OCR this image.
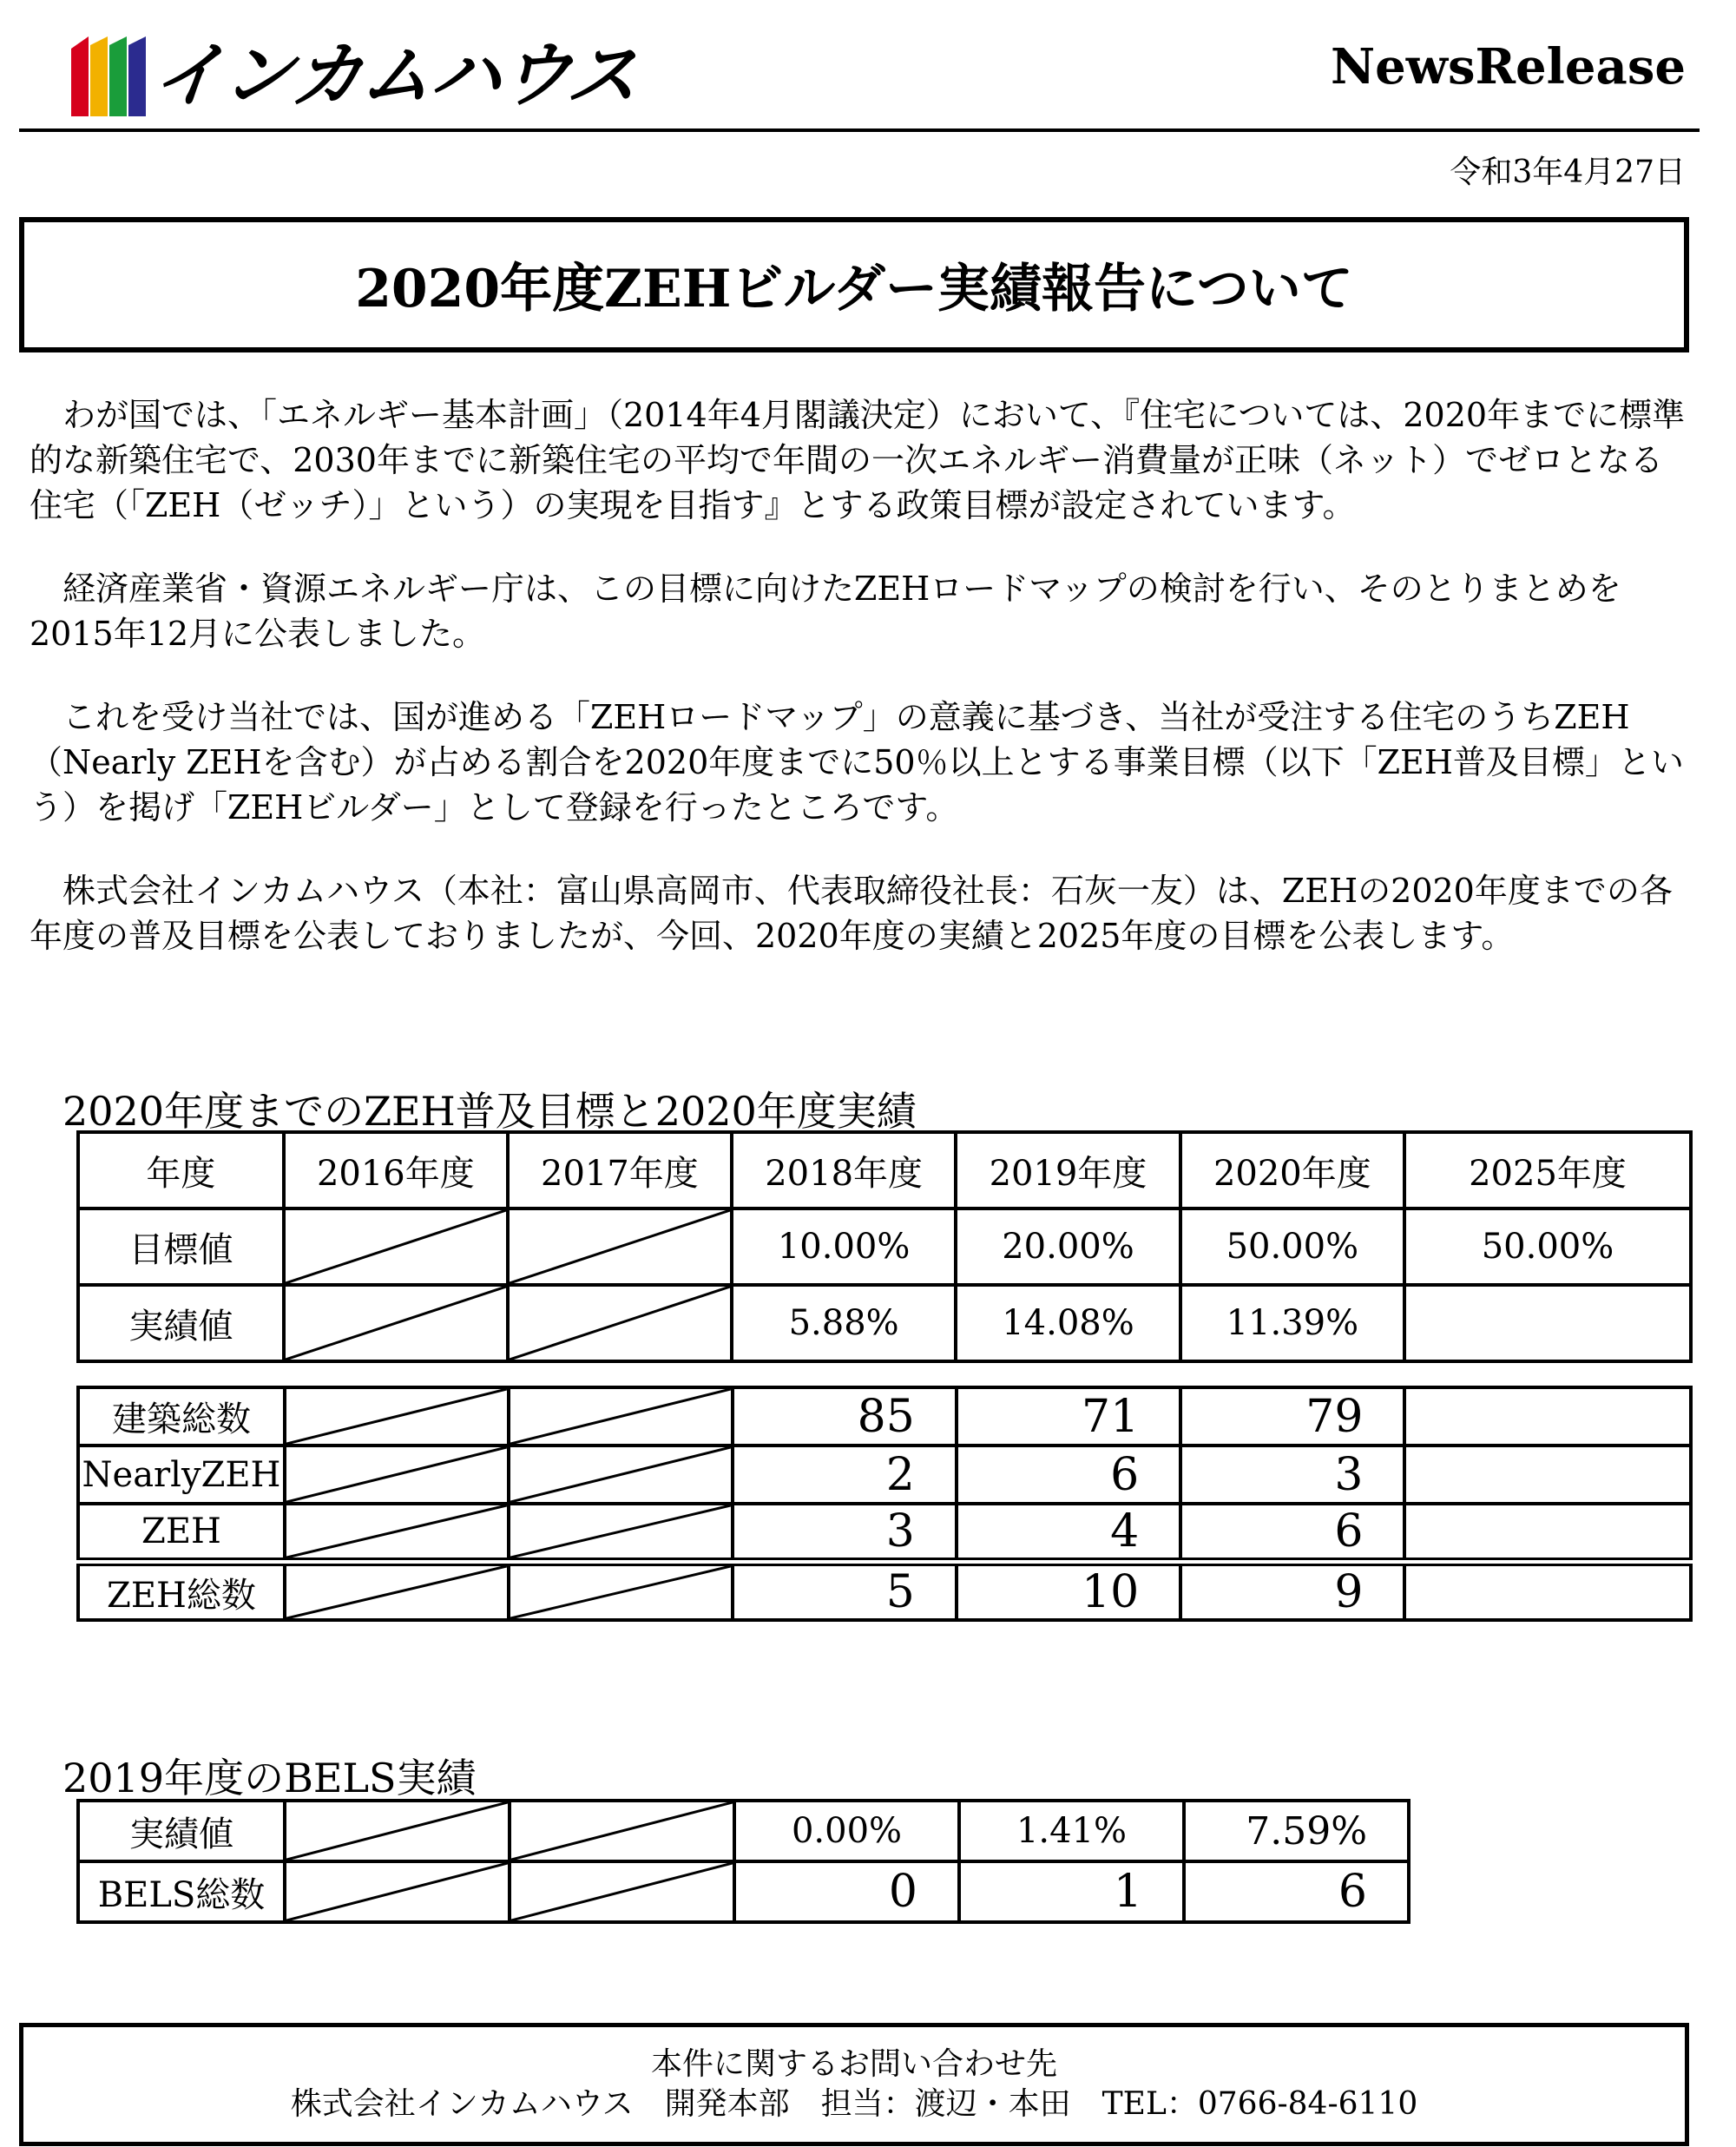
インカムハウス	NewsRelease
令和3年4月27日
2020年度ZEHビルダー実績報告について

わが国では、「エネルギー基本計画」（2014年4月閣議決定）において、『住宅については、2020年までに標準的な新築住宅で、2030年までに新築住宅の平均で年間の一次エネルギー消費量が正味（ネット）でゼロとなる住宅（「ZEH（ゼッチ）」という）の実現を目指す』とする政策目標が設定されています。

経済産業省・資源エネルギー庁は、この目標に向けたZEHロードマップの検討を行い、そのとりまとめを2015年12月に公表しました。

これを受け当社では、国が進める「ZEHロードマップ」の意義に基づき、当社が受注する住宅のうちZEH（Nearly ZEHを含む）が占める割合を2020年度までに50％以上とする事業目標（以下「ZEH普及目標」という）を掲げ「ZEHビルダー」として登録を行ったところです。

株式会社インカムハウス（本社：富山県高岡市、代表取締役社長：石灰一友）は、ZEHの2020年度までの各年度の普及目標を公表しておりましたが、今回、2020年度の実績と2025年度の目標を公表します。

2020年度までのZEH普及目標と2020年度実績
年度	2016年度	2017年度	2018年度	2019年度	2020年度	2025年度
目標値			10.00%	20.00%	50.00%	50.00%
実績値			5.88%	14.08%	11.39%	
建築総数			85	71	79	
NearlyZEH			2	6	3	
ZEH			3	4	6	
ZEH総数			5	10	9	
2019年度のBELS実績
実績値			0.00%	1.41%	7.59%
BELS総数			0	1	6
本件に関するお問い合わせ先
株式会社インカムハウス　開発本部　担当：渡辺・本田　TEL：0766-84-6110
